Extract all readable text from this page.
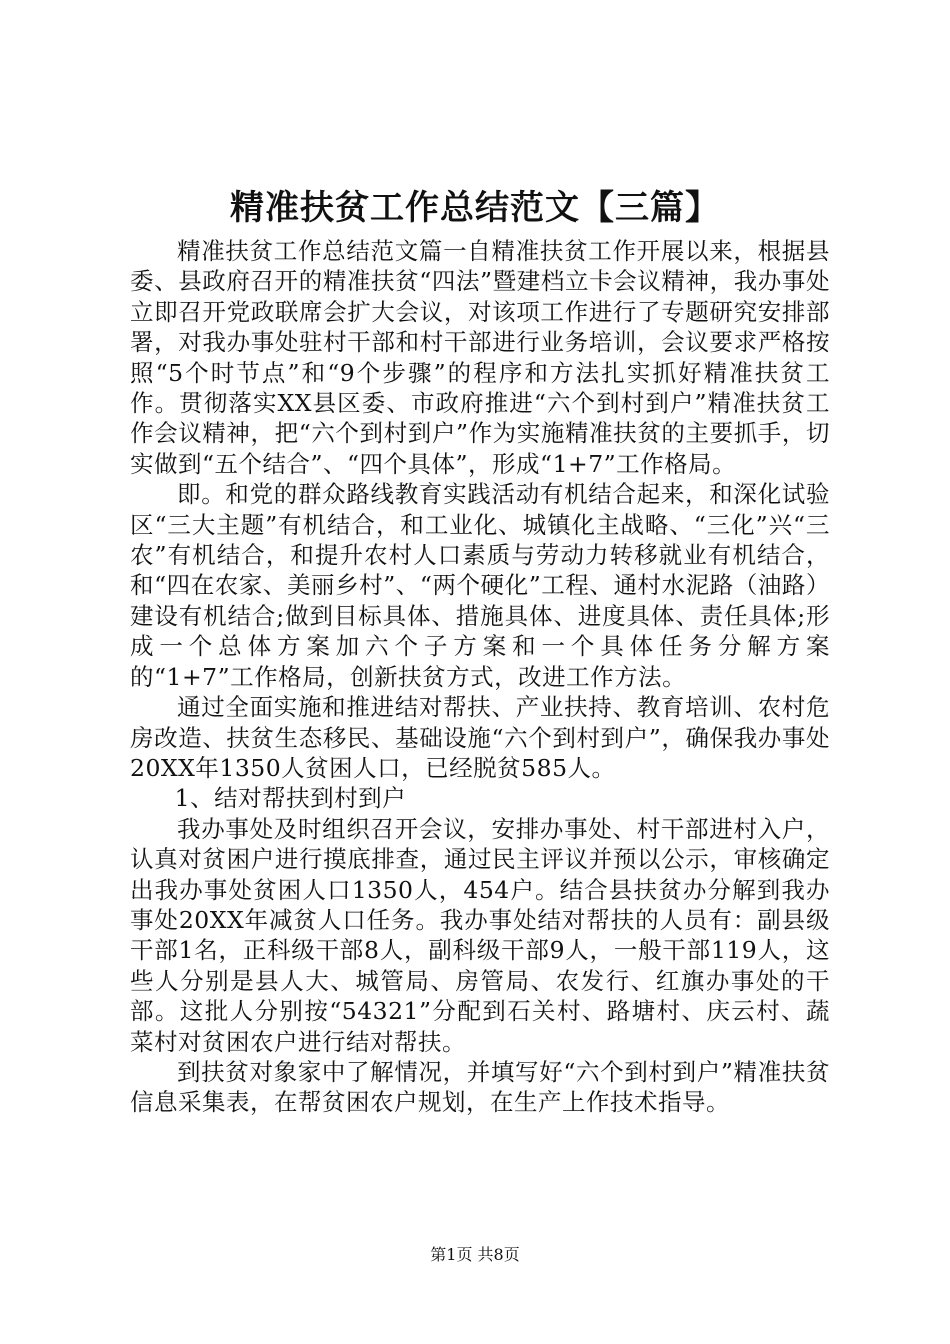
精准扶贫工作总结范文【三篇】

精准扶贫工作总结范文篇一自精准扶贫工作开展以来，根据县委、县政府召开的精准扶贫“四法”暨建档立卡会议精神，我办事处立即召开党政联席会扩大会议，对该项工作进行了专题研究安排部署，对我办事处驻村干部和村干部进行业务培训，会议要求严格按照“5个时节点”和“9个步骤”的程序和方法扎实抓好精准扶贫工作。贯彻落实XX县区委、市政府推进“六个到村到户”精准扶贫工作会议精神，把“六个到村到户”作为实施精准扶贫的主要抓手，切实做到“五个结合”、“四个具体”，形成“1+7”工作格局。

即。和党的群众路线教育实践活动有机结合起来，和深化试验区“三大主题”有机结合，和工业化、城镇化主战略、“三化”兴“三农”有机结合，和提升农村人口素质与劳动力转移就业有机结合，和“四在农家、美丽乡村”、“两个硬化”工程、通村水泥路（油路）建设有机结合;做到目标具体、措施具体、进度具体、责任具体;形成一个总体方案加六个子方案和一个具体任务分解方案的“1+7”工作格局，创新扶贫方式，改进工作方法。

通过全面实施和推进结对帮扶、产业扶持、教育培训、农村危房改造、扶贫生态移民、基础设施“六个到村到户”，确保我办事处20XX年1350人贫困人口，已经脱贫585人。

1、结对帮扶到村到户

我办事处及时组织召开会议，安排办事处、村干部进村入户，认真对贫困户进行摸底排查，通过民主评议并预以公示，审核确定出我办事处贫困人口1350人，454户。结合县扶贫办分解到我办事处20XX年减贫人口任务。我办事处结对帮扶的人员有：副县级干部1名，正科级干部8人，副科级干部9人，一般干部119人，这些人分别是县人大、城管局、房管局、农发行、红旗办事处的干部。这批人分别按“54321”分配到石关村、路塘村、庆云村、蔬菜村对贫困农户进行结对帮扶。

到扶贫对象家中了解情况，并填写好“六个到村到户”精准扶贫信息采集表，在帮贫困农户规划，在生产上作技术指导。

第1页 共8页
